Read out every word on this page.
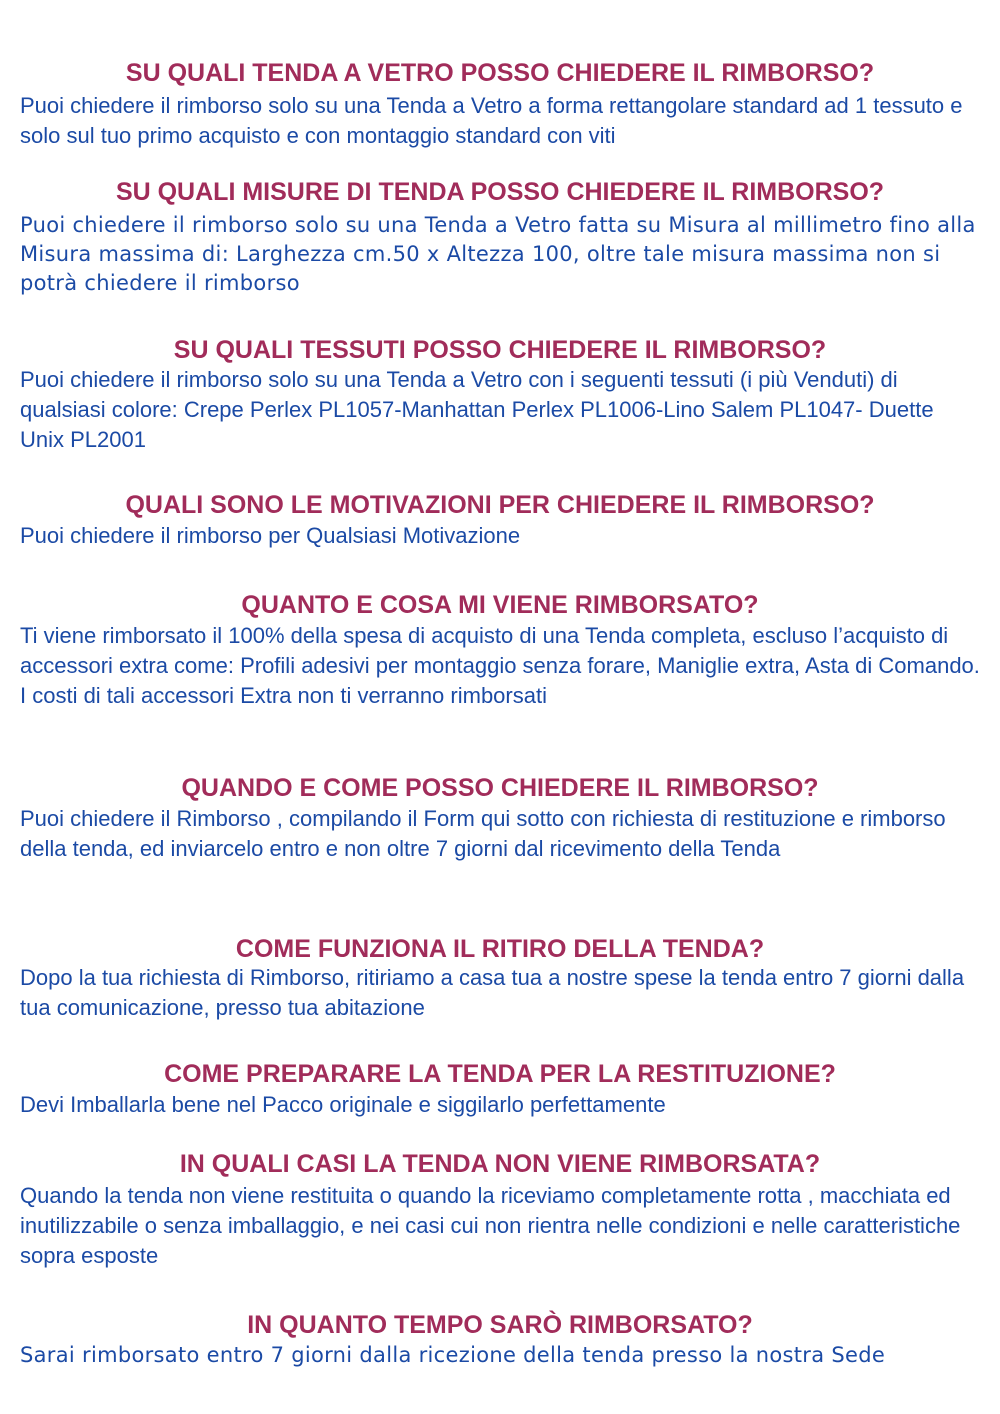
SU QUALI TENDA A VETRO POSSO CHIEDERE IL RIMBORSO?

Puoi chiedere il rimborso solo su una Tenda a Vetro a forma rettangolare standard ad 1 tessuto e solo sul tuo primo acquisto e con montaggio standard con viti

SU QUALI MISURE DI TENDA POSSO CHIEDERE IL RIMBORSO?

Puoi chiedere il rimborso solo su una Tenda a Vetro fatta su Misura al millimetro fino alla Misura massima di: Larghezza cm.50 x Altezza 100, oltre tale misura massima non si potrà chiedere il rimborso

SU QUALI TESSUTI POSSO CHIEDERE IL RIMBORSO?

Puoi chiedere il rimborso solo su una Tenda a Vetro con i seguenti tessuti (i più Venduti) di qualsiasi colore: Crepe Perlex PL1057-Manhattan Perlex PL1006-Lino Salem PL1047- Duette Unix PL2001

QUALI SONO LE MOTIVAZIONI PER CHIEDERE IL RIMBORSO?

Puoi chiedere il rimborso per Qualsiasi Motivazione

QUANTO E COSA MI VIENE RIMBORSATO?

Ti viene rimborsato il 100% della spesa di acquisto di una Tenda completa, escluso l’acquisto di accessori extra come: Profili adesivi per montaggio senza forare, Maniglie extra, Asta di Comando. I costi di tali accessori Extra non ti verranno rimborsati

QUANDO E COME POSSO CHIEDERE IL RIMBORSO?

Puoi chiedere il Rimborso , compilando il Form qui sotto con richiesta di restituzione e rimborso della tenda, ed inviarcelo entro e non oltre 7 giorni dal ricevimento della Tenda

COME FUNZIONA IL RITIRO DELLA TENDA?

Dopo la tua richiesta di Rimborso, ritiriamo a casa tua a nostre spese la tenda entro 7 giorni dalla tua comunicazione, presso tua abitazione

COME PREPARARE LA TENDA PER LA RESTITUZIONE?

Devi Imballarla bene nel Pacco originale e siggilarlo perfettamente

IN QUALI CASI LA TENDA NON VIENE RIMBORSATA?

Quando la tenda non viene restituita o quando la riceviamo completamente rotta , macchiata ed inutilizzabile o senza imballaggio, e nei casi cui non rientra nelle condizioni e nelle caratteristiche sopra esposte

IN QUANTO TEMPO SARÒ RIMBORSATO?

Sarai rimborsato entro 7 giorni dalla ricezione della tenda presso la nostra Sede
